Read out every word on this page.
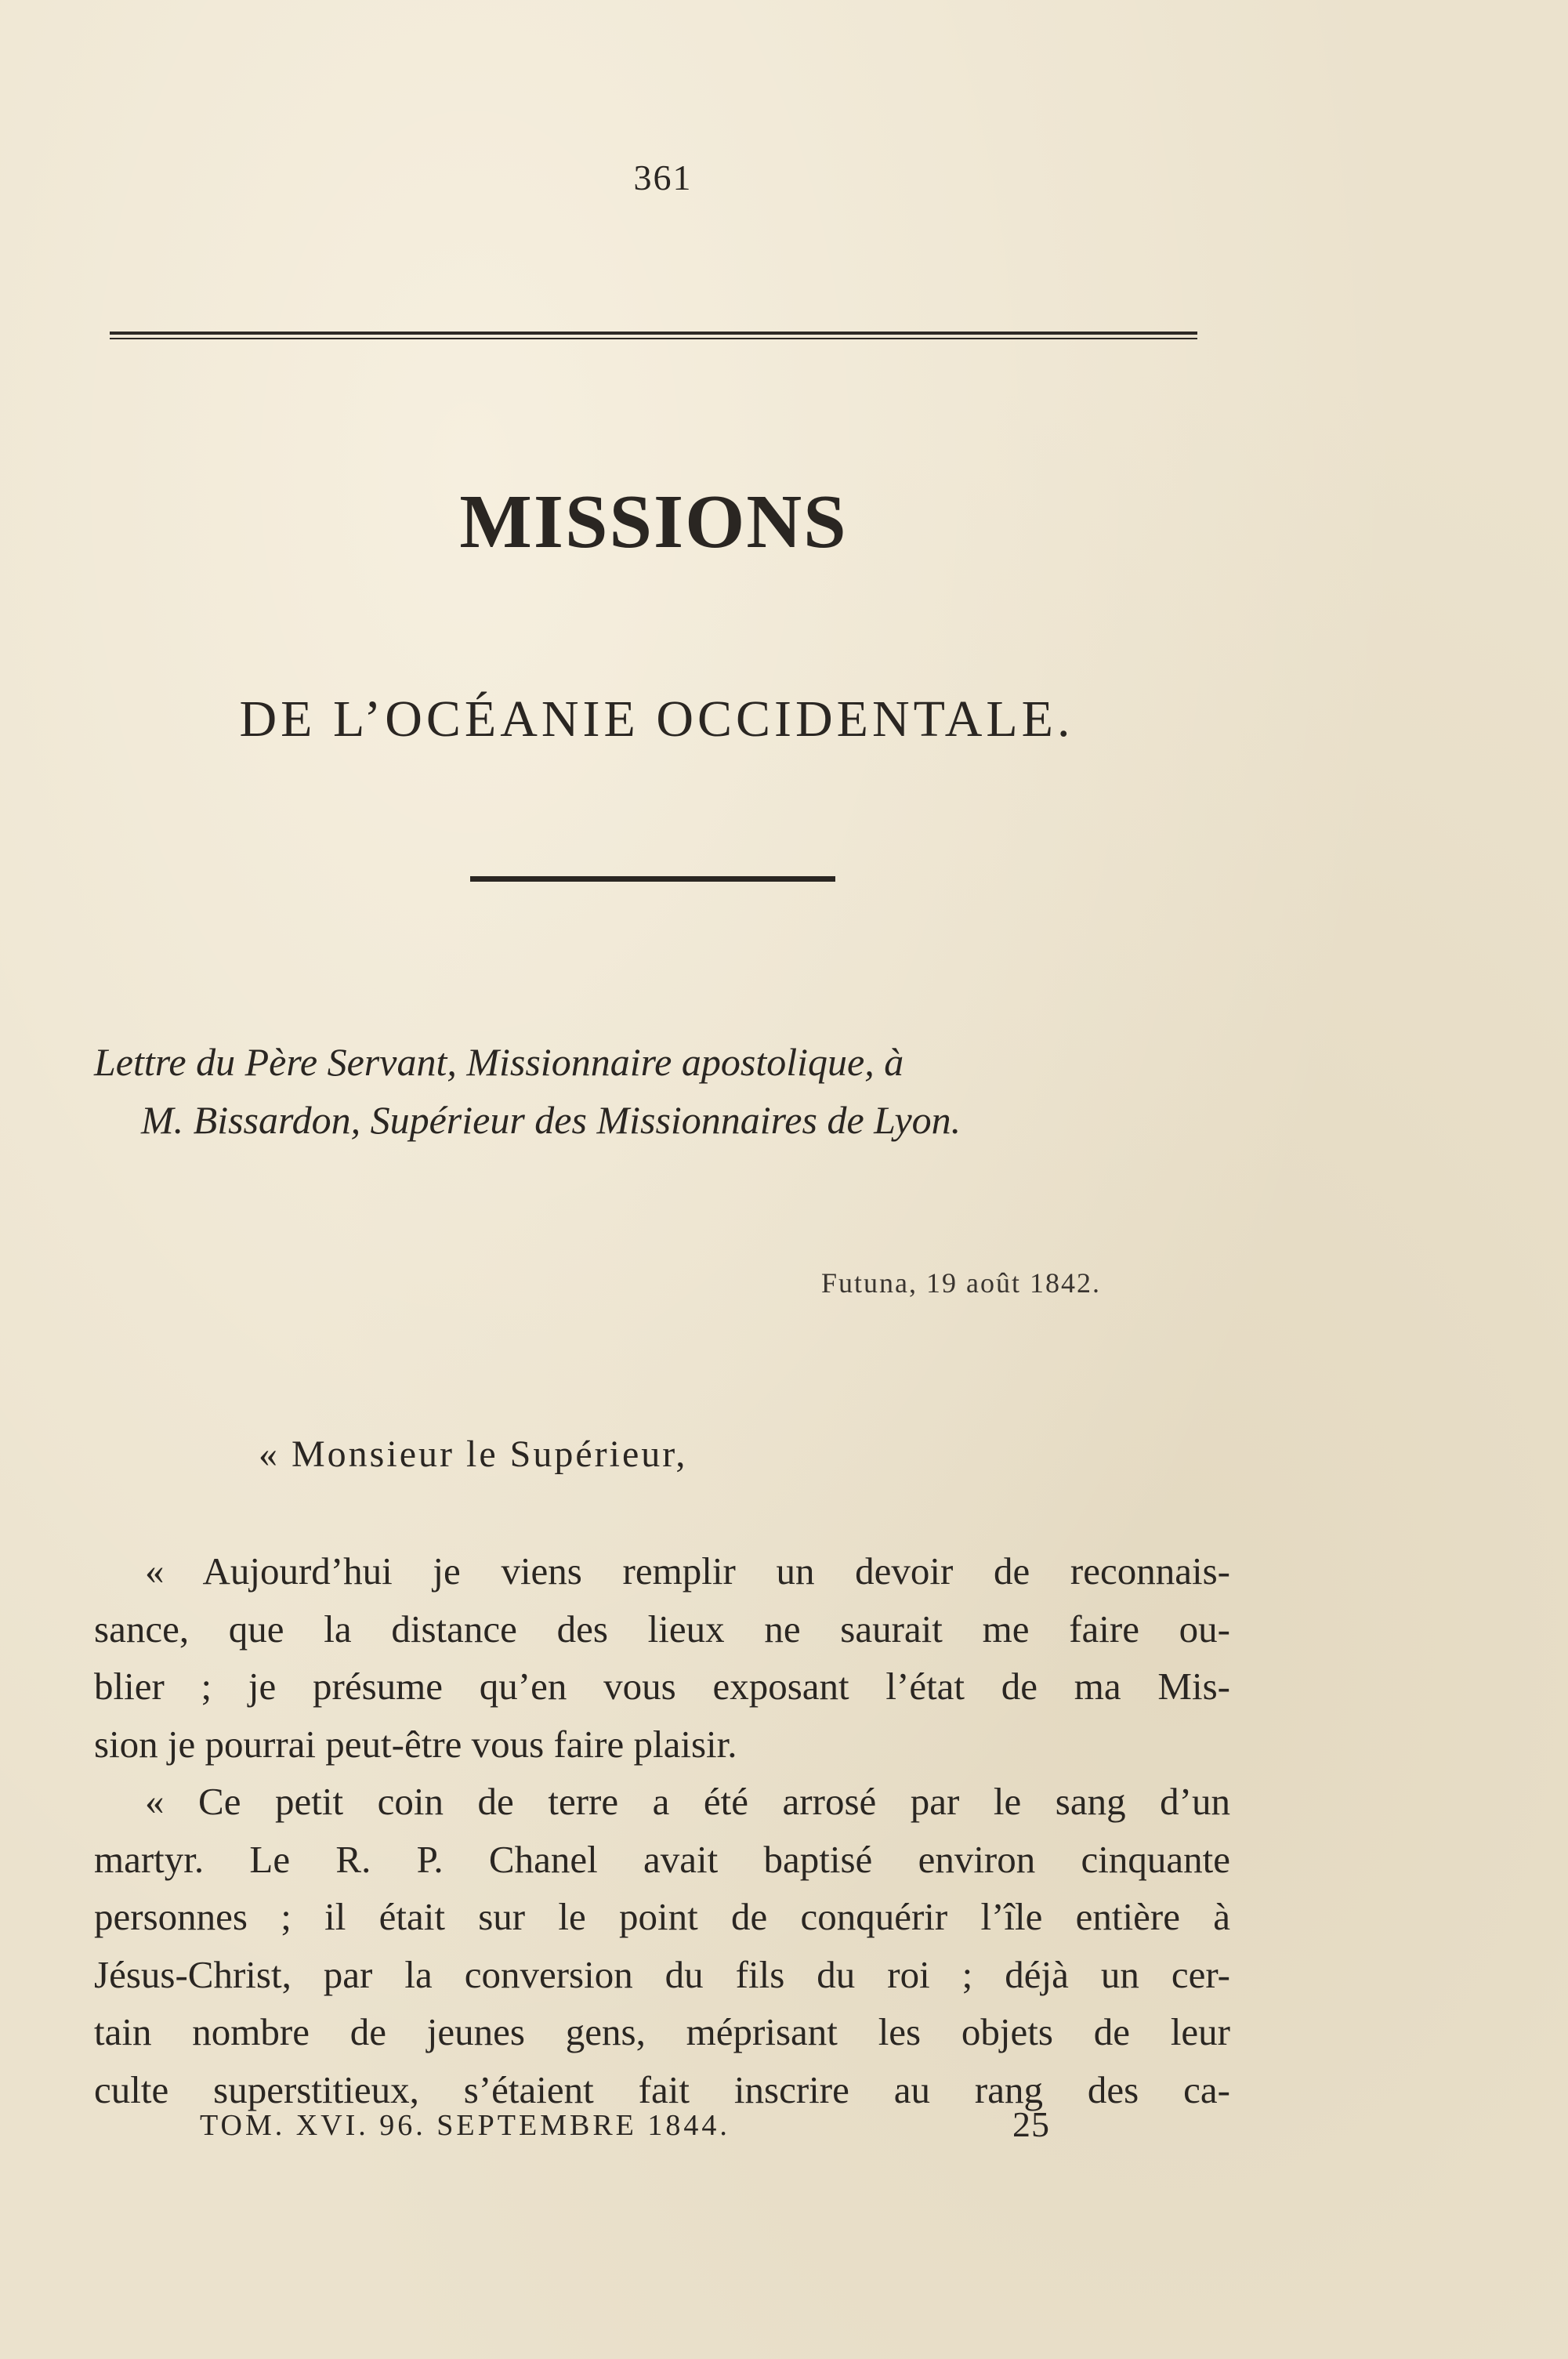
361
MISSIONS
DE L’OCÉANIE OCCIDENTALE.
Lettre du Père Servant, Missionnaire apostolique, à
M. Bissardon, Supérieur des Missionnaires de Lyon.
Futuna, 19 août 1842.
« Monsieur le Supérieur,
« Aujourd’hui je viens remplir un devoir de reconnais-
sance, que la distance des lieux ne saurait me faire ou-
blier ; je présume qu’en vous exposant l’état de ma Mis-
sion je pourrai peut-être vous faire plaisir.
« Ce petit coin de terre a été arrosé par le sang d’un
martyr. Le R. P. Chanel avait baptisé environ cinquante
personnes ; il était sur le point de conquérir l’île entière à
Jésus-Christ, par la conversion du fils du roi ; déjà un cer-
tain nombre de jeunes gens, méprisant les objets de leur
culte superstitieux, s’étaient fait inscrire au rang des ca-
TOM. XVI. 96. SEPTEMBRE 1844.	25
